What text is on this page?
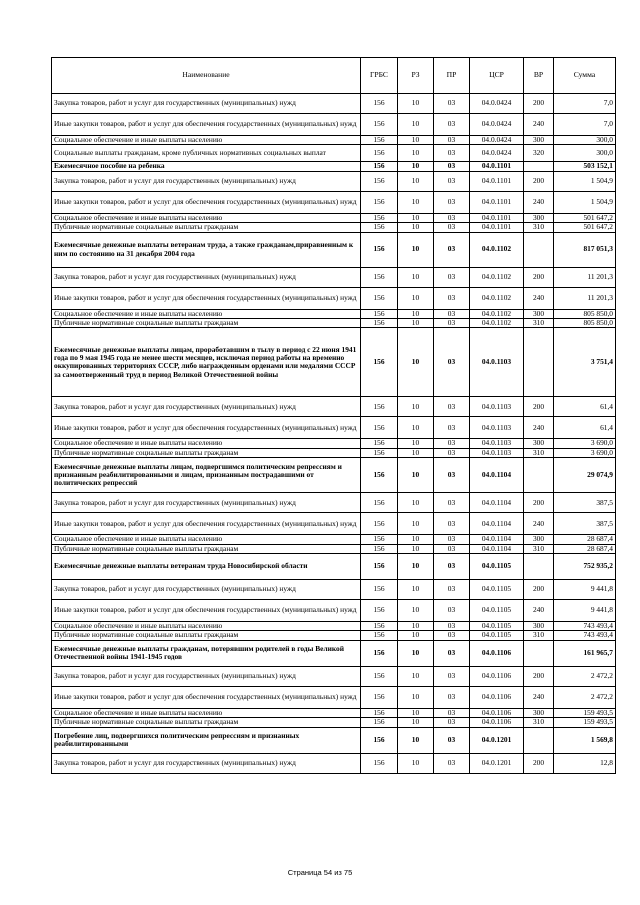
Наименование	ГРБС	РЗ	ПР	ЦСР	ВР	Сумма
Закупка товаров, работ и услуг для государственных (муниципальных) нужд	156	10	03	04.0.0424	200	7,0
Иные закупки товаров, работ и услуг для обеспечения государственных (муниципальных) нужд	156	10	03	04.0.0424	240	7,0
Социальное обеспечение и иные выплаты населению	156	10	03	04.0.0424	300	300,0
Социальные выплаты гражданам, кроме публичных нормативных социальных выплат	156	10	03	04.0.0424	320	300,0
Ежемесячное пособие на ребенка	156	10	03	04.0.1101		503 152,1
Закупка товаров, работ и услуг для государственных (муниципальных) нужд	156	10	03	04.0.1101	200	1 504,9
Иные закупки товаров, работ и услуг для обеспечения государственных (муниципальных) нужд	156	10	03	04.0.1101	240	1 504,9
Социальное обеспечение и иные выплаты населению	156	10	03	04.0.1101	300	501 647,2
Публичные нормативные социальные выплаты гражданам	156	10	03	04.0.1101	310	501 647,2
Ежемесячные денежные выплаты ветеранам труда, а также гражданам,приравненным к ним по состоянию на 31 декабря 2004 года	156	10	03	04.0.1102		817 051,3
Закупка товаров, работ и услуг для государственных (муниципальных) нужд	156	10	03	04.0.1102	200	11 201,3
Иные закупки товаров, работ и услуг для обеспечения государственных (муниципальных) нужд	156	10	03	04.0.1102	240	11 201,3
Социальное обеспечение и иные выплаты населению	156	10	03	04.0.1102	300	805 850,0
Публичные нормативные социальные выплаты гражданам	156	10	03	04.0.1102	310	805 850,0
Ежемесячные денежные выплаты лицам, проработавшим в тылу в период с 22 июня 1941 года по 9 мая 1945 года не менее шести месяцев, исключая период работы на временно оккупированных территориях СССР, либо награжденным орденами или медалями СССР за самоотверженный труд в период Великой Отечественной войны	156	10	03	04.0.1103		3 751,4
Закупка товаров, работ и услуг для государственных (муниципальных) нужд	156	10	03	04.0.1103	200	61,4
Иные закупки товаров, работ и услуг для обеспечения государственных (муниципальных) нужд	156	10	03	04.0.1103	240	61,4
Социальное обеспечение и иные выплаты населению	156	10	03	04.0.1103	300	3 690,0
Публичные нормативные социальные выплаты гражданам	156	10	03	04.0.1103	310	3 690,0
Ежемесячные денежные выплаты лицам, подвергшимся политическим репрессиям и признанным реабилитированными и лицам, признанным пострадавшими от политических репрессий	156	10	03	04.0.1104		29 074,9
Закупка товаров, работ и услуг для государственных (муниципальных) нужд	156	10	03	04.0.1104	200	387,5
Иные закупки товаров, работ и услуг для обеспечения государственных (муниципальных) нужд	156	10	03	04.0.1104	240	387,5
Социальное обеспечение и иные выплаты населению	156	10	03	04.0.1104	300	28 687,4
Публичные нормативные социальные выплаты гражданам	156	10	03	04.0.1104	310	28 687,4
Ежемесячные денежные выплаты ветеранам труда Новосибирской области	156	10	03	04.0.1105		752 935,2
Закупка товаров, работ и услуг для государственных (муниципальных) нужд	156	10	03	04.0.1105	200	9 441,8
Иные закупки товаров, работ и услуг для обеспечения государственных (муниципальных) нужд	156	10	03	04.0.1105	240	9 441,8
Социальное обеспечение и иные выплаты населению	156	10	03	04.0.1105	300	743 493,4
Публичные нормативные социальные выплаты гражданам	156	10	03	04.0.1105	310	743 493,4
Ежемесячные денежные выплаты гражданам, потерявшим родителей в годы Великой Отечественной войны 1941-1945 годов	156	10	03	04.0.1106		161 965,7
Закупка товаров, работ и услуг для государственных (муниципальных) нужд	156	10	03	04.0.1106	200	2 472,2
Иные закупки товаров, работ и услуг для обеспечения государственных (муниципальных) нужд	156	10	03	04.0.1106	240	2 472,2
Социальное обеспечение и иные выплаты населению	156	10	03	04.0.1106	300	159 493,5
Публичные нормативные социальные выплаты гражданам	156	10	03	04.0.1106	310	159 493,5
Погребение лиц, подвергшихся политическим репрессиям и признанных реабилитированными	156	10	03	04.0.1201		1 569,8
Закупка товаров, работ и услуг для государственных (муниципальных) нужд	156	10	03	04.0.1201	200	12,8
Страница 54 из 75
